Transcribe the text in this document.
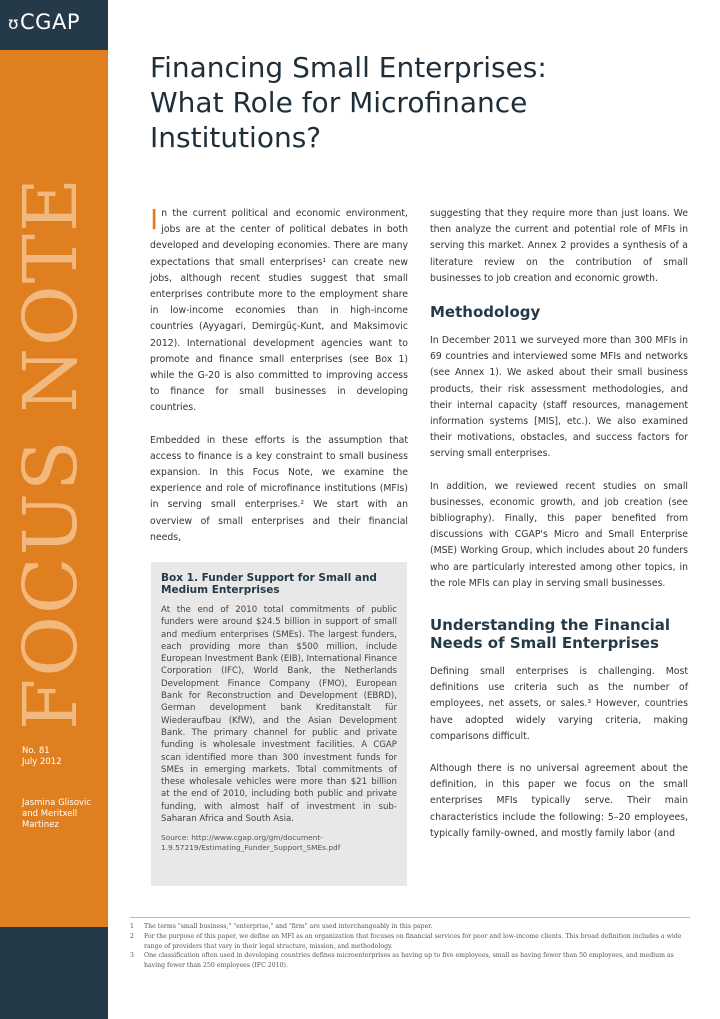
ʊCGAP
FOCUS NOTE
No. 81
July 2012
Jasmina Glisovic
and Meritxell
Martinez
Financing Small Enterprises:
What Role for Microfinance
Institutions?

In the current political and economic environment, jobs are at the center of political debates in both developed and developing economies. There are many expectations that small enterprises¹ can create new jobs, although recent studies suggest that small enterprises contribute more to the employment share in low-income economies than in high-income countries (Ayyagari, Demirgüç-Kunt, and Maksimovic 2012). International development agencies want to promote and finance small enterprises (see Box 1) while the G-20 is also committed to improving access to finance for small businesses in developing countries.

Embedded in these efforts is the assumption that access to finance is a key constraint to small business expansion. In this Focus Note, we examine the experience and role of microfinance institutions (MFIs) in serving small enterprises.² We start with an overview of small enterprises and their financial needs,

Box 1. Funder Support for Small and Medium Enterprises
At the end of 2010 total commitments of public funders were around $24.5 billion in support of small and medium enterprises (SMEs). The largest funders, each providing more than $500 million, include European Investment Bank (EIB), International Finance Corporation (IFC), World Bank, the Netherlands Development Finance Company (FMO), European Bank for Reconstruction and Development (EBRD), German development bank Kreditanstalt für Wiederaufbau (KfW), and the Asian Development Bank. The primary channel for public and private funding is wholesale investment facilities. A CGAP scan identified more than 300 investment funds for SMEs in emerging markets. Total commitments of these wholesale vehicles were more than $21 billion at the end of 2010, including both public and private funding, with almost half of investment in sub-Saharan Africa and South Asia.
Source: http://www.cgap.org/gm/document-1.9.57219/Estimating_Funder_Support_SMEs.pdf

suggesting that they require more than just loans. We then analyze the current and potential role of MFIs in serving this market. Annex 2 provides a synthesis of a literature review on the contribution of small businesses to job creation and economic growth.

Methodology

In December 2011 we surveyed more than 300 MFIs in 69 countries and interviewed some MFIs and networks (see Annex 1). We asked about their small business products, their risk assessment methodologies, and their internal capacity (staff resources, management information systems [MIS], etc.). We also examined their motivations, obstacles, and success factors for serving small enterprises.

In addition, we reviewed recent studies on small businesses, economic growth, and job creation (see bibliography). Finally, this paper benefited from discussions with CGAP's Micro and Small Enterprise (MSE) Working Group, which includes about 20 funders who are particularly interested among other topics, in the role MFIs can play in serving small businesses.

Understanding the Financial
Needs of Small Enterprises

Defining small enterprises is challenging. Most definitions use criteria such as the number of employees, net assets, or sales.³ However, countries have adopted widely varying criteria, making comparisons difficult.

Although there is no universal agreement about the definition, in this paper we focus on the small enterprises MFIs typically serve. Their main characteristics include the following: 5–20 employees, typically family-owned, and mostly family labor (and

1	The terms "small business," "enterprise," and "firm" are used interchangeably in this paper.
2	For the purpose of this paper, we define an MFI as an organization that focuses on financial services for poor and low-income clients. This broad definition includes a wide range of providers that vary in their legal structure, mission, and methodology.
3	One classification often used in developing countries defines microenterprises as having up to five employees, small as having fewer than 50 employees, and medium as having fewer than 250 employees (IFC 2010).
